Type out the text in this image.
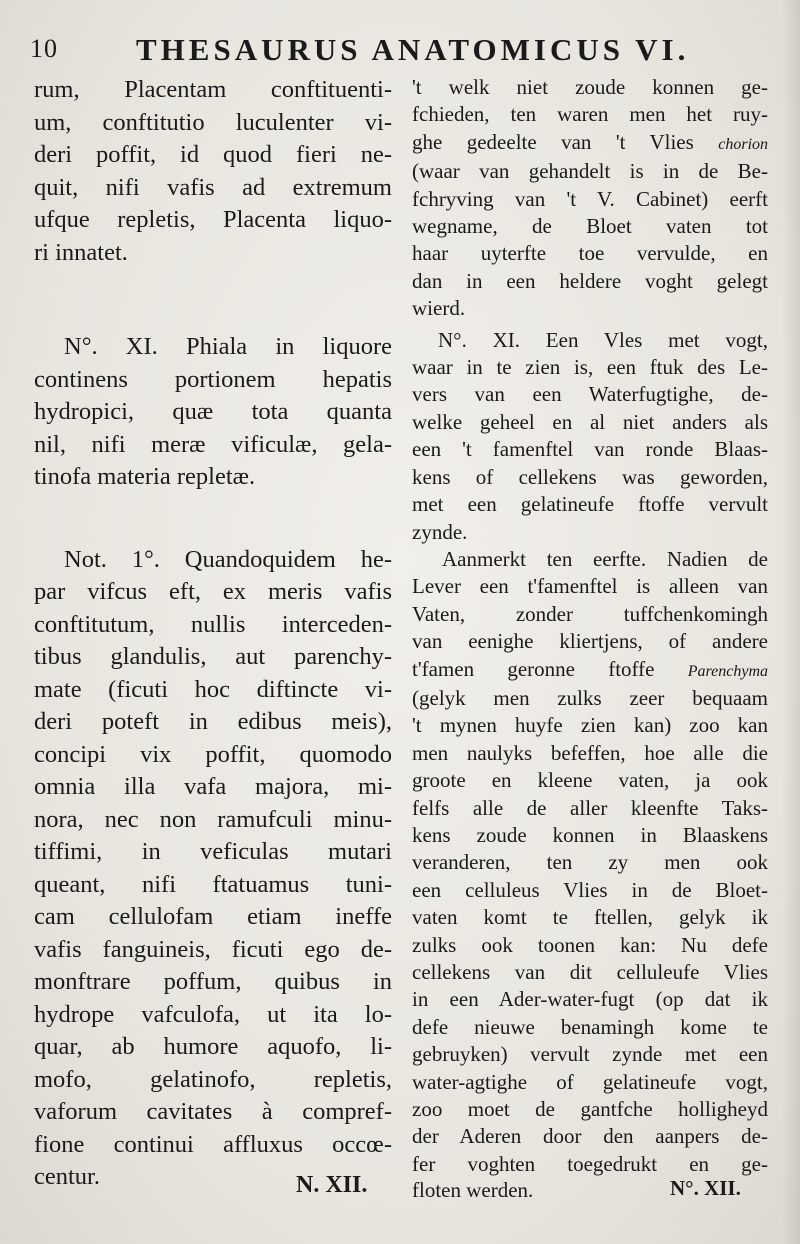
10	THESAURUS ANATOMICUS VI.
rum, Placentam conftituenti-
um, conftitutio luculenter vi-
deri poffit, id quod fieri ne-
quit, nifi vafis ad extremum
ufque repletis, Placenta liquo-
ri innatet.
N°. XI. Phiala in liquore
continens portionem hepatis
hydropici, quæ tota quanta
nil, nifi meræ vificulæ, gela-
tinofa materia repletæ.
Not. 1°. Quandoquidem he-
par vifcus eft, ex meris vafis
conftitutum, nullis interceden-
tibus glandulis, aut parenchy-
mate (ficuti hoc diftincte vi-
deri poteft in edibus meis),
concipi vix poffit, quomodo
omnia illa vafa majora, mi-
nora, nec non ramufculi minu-
tiffimi, in veficulas mutari
queant, nifi ftatuamus tuni-
cam cellulofam etiam ineffe
vafis fanguineis, ficuti ego de-
monftrare poffum, quibus in
hydrope vafculofa, ut ita lo-
quar, ab humore aquofo, li-
mofo, gelatinofo, repletis,
vaforum cavitates à compref-
fione continui affluxus occœ-
centur.
't welk niet zoude konnen ge-
fchieden, ten waren men het ruy-
ghe gedeelte van 't Vlies chorion
(waar van gehandelt is in de Be-
fchryving van 't V. Cabinet) eerft
wegname, de Bloet vaten tot
haar uyterfte toe vervulde, en
dan in een heldere voght gelegt
wierd.
N°. XI. Een Vles met vogt,
waar in te zien is, een ftuk des Le-
vers van een Waterfugtighe, de-
welke geheel en al niet anders als
een 't famenftel van ronde Blaas-
kens of cellekens was geworden,
met een gelatineufe ftoffe vervult
zynde.
Aanmerkt ten eerfte. Nadien de
Lever een t'famenftel is alleen van
Vaten, zonder tuffchenkomingh
van eenighe kliertjens, of andere
t'famen geronne ftoffe Parenchyma
(gelyk men zulks zeer bequaam
't mynen huyfe zien kan) zoo kan
men naulyks befeffen, hoe alle die
groote en kleene vaten, ja ook
felfs alle de aller kleenfte Taks-
kens zoude konnen in Blaaskens
veranderen, ten zy men ook
een celluleus Vlies in de Bloet-
vaten komt te ftellen, gelyk ik
zulks ook toonen kan: Nu defe
cellekens van dit celluleufe Vlies
in een Ader-water-fugt (op dat ik
defe nieuwe benamingh kome te
gebruyken) vervult zynde met een
water-agtighe of gelatineufe vogt,
zoo moet de gantfche holligheyd
der Aderen door den aanpers de-
fer voghten toegedrukt en ge-
N. XII. floten werden.	N°. XII.
